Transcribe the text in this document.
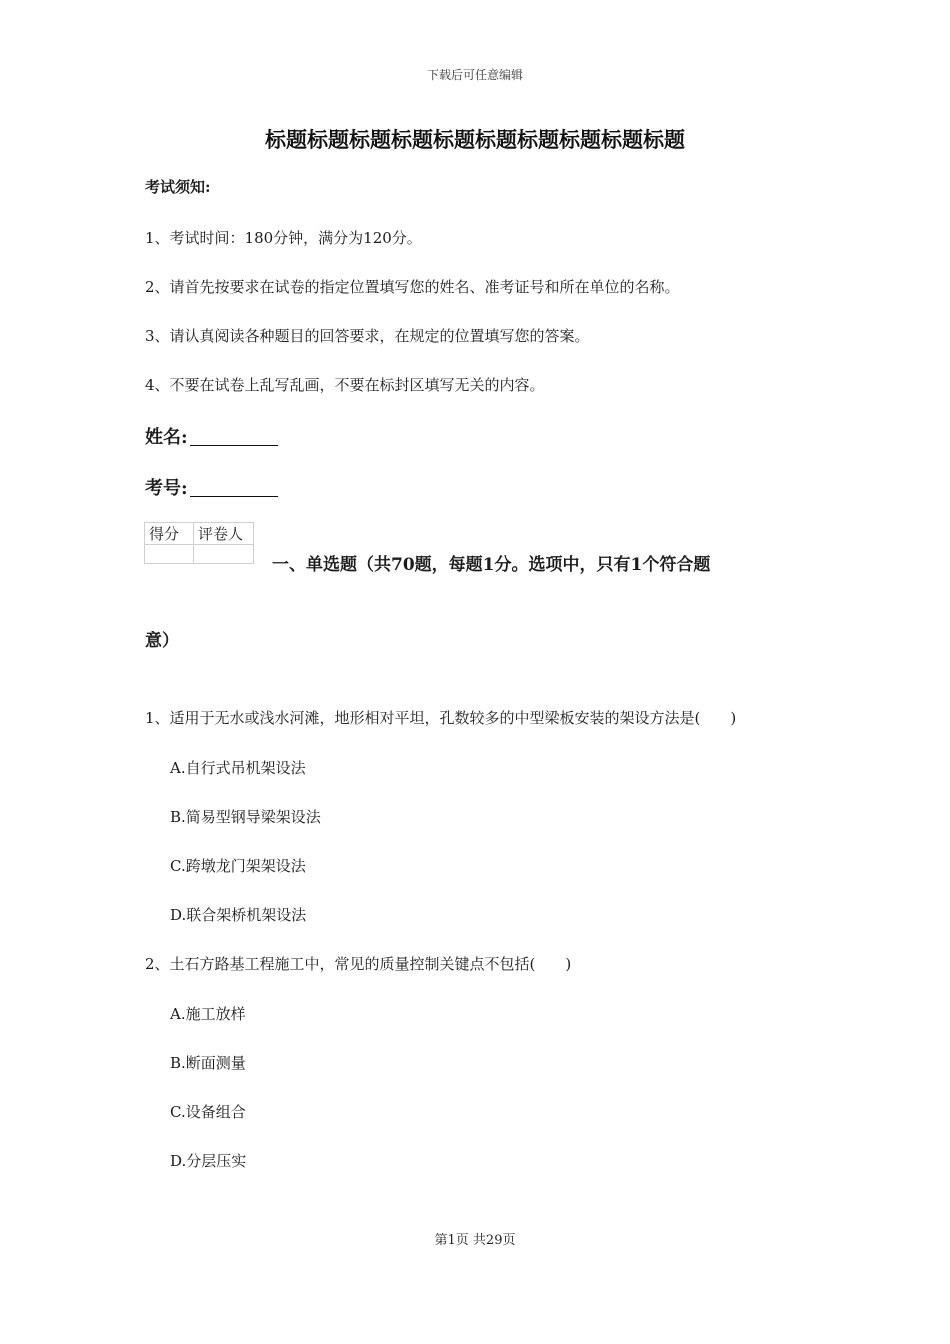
下载后可任意编辑
标题标题标题标题标题标题标题标题标题标题
考试须知:
1、考试时间：180分钟，满分为120分。
2、请首先按要求在试卷的指定位置填写您的姓名、准考证号和所在单位的名称。
3、请认真阅读各种题目的回答要求，在规定的位置填写您的答案。
4、不要在试卷上乱写乱画，不要在标封区填写无关的内容。
姓名:
考号:
得分	评卷人

一、单选题（共70题，每题1分。选项中，只有1个符合题
意）
1、适用于无水或浅水河滩，地形相对平坦，孔数较多的中型梁板安装的架设方法是(　　)
A.自行式吊机架设法
B.简易型钢导梁架设法
C.跨墩龙门架架设法
D.联合架桥机架设法
2、土石方路基工程施工中，常见的质量控制关键点不包括(　　)
A.施工放样
B.断面测量
C.设备组合
D.分层压实
第1页 共29页
